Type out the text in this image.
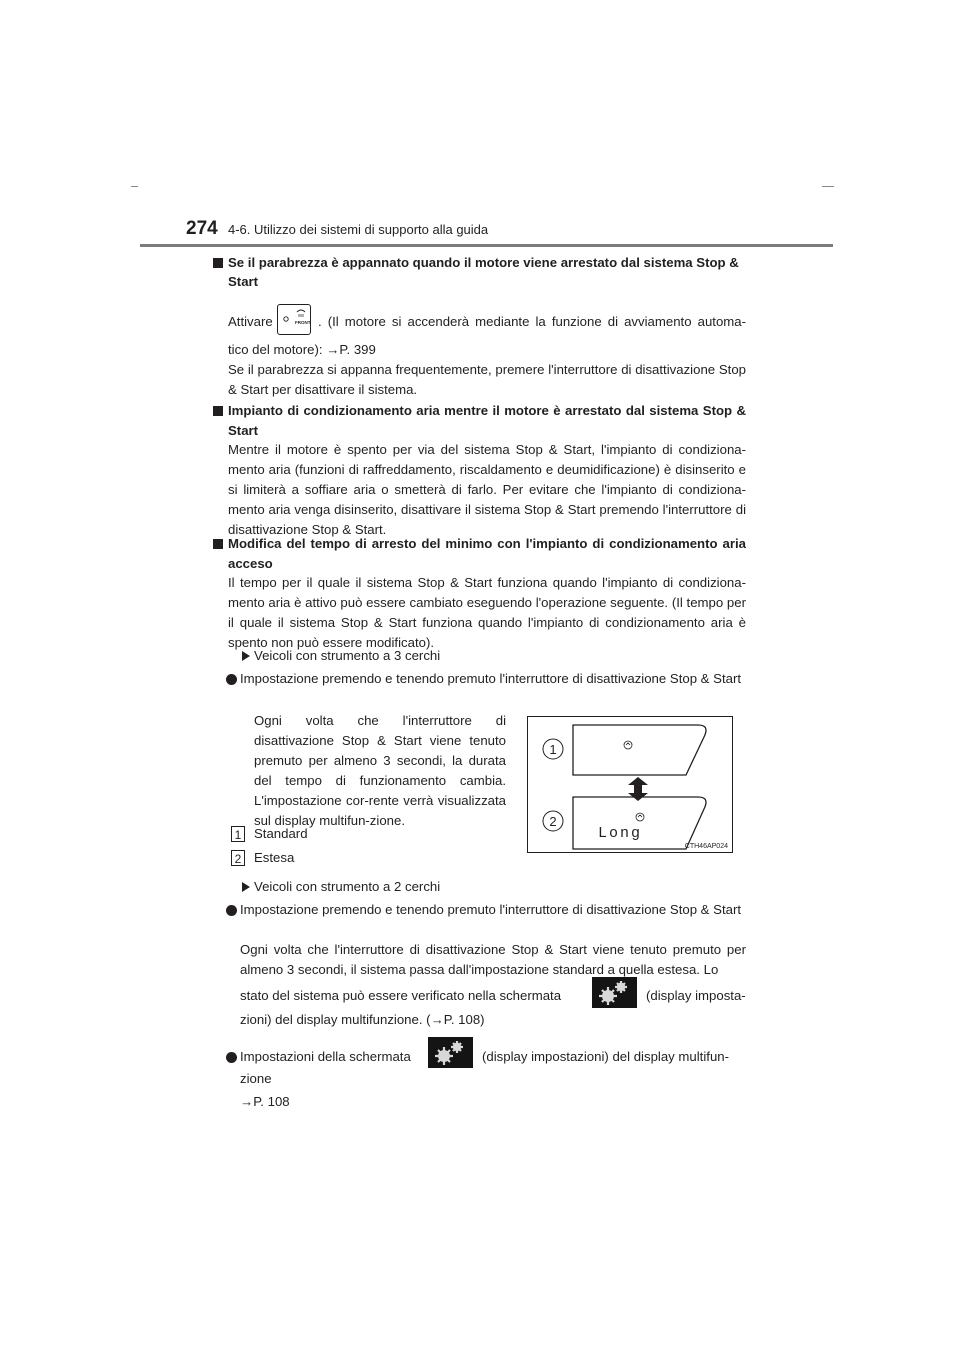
274 4-6. Utilizzo dei sistemi di supporto alla guida
Se il parabrezza è appannato quando il motore viene arrestato dal sistema Stop &
Start
Attivare	FRONT . (Il motore si accenderà mediante la funzione di avviamento automa-
tico del motore): →P. 399
Se il parabrezza si appanna frequentemente, premere l'interruttore di disattivazione Stop & Start per disattivare il sistema.
Impianto di condizionamento aria mentre il motore è arrestato dal sistema Stop & Start
Mentre il motore è spento per via del sistema Stop & Start, l'impianto di condiziona-mento aria (funzioni di raffreddamento, riscaldamento e deumidificazione) è disinserito e si limiterà a soffiare aria o smetterà di farlo. Per evitare che l'impianto di condiziona-mento aria venga disinserito, disattivare il sistema Stop & Start premendo l'interruttore di disattivazione Stop & Start.
Modifica del tempo di arresto del minimo con l'impianto di condizionamento aria acceso
Il tempo per il quale il sistema Stop & Start funziona quando l'impianto di condiziona-mento aria è attivo può essere cambiato eseguendo l'operazione seguente. (Il tempo per il quale il sistema Stop & Start funziona quando l'impianto di condizionamento aria è spento non può essere modificato).
Veicoli con strumento a 3 cerchi
Impostazione premendo e tenendo premuto l'interruttore di disattivazione Stop & Start
Ogni volta che l'interruttore di disattivazione Stop & Start viene tenuto premuto per almeno 3 secondi, la durata del tempo di funzionamento cambia. L'impostazione cor-rente verrà visualizzata sul display multifun-zione.
1 Standard
2 Estesa
1
2
Long
CTH46AP024
Veicoli con strumento a 2 cerchi
Impostazione premendo e tenendo premuto l'interruttore di disattivazione Stop & Start
Ogni volta che l'interruttore di disattivazione Stop & Start viene tenuto premuto per almeno 3 secondi, il sistema passa dall'impostazione standard a quella estesa. Lo
stato del sistema può essere verificato nella schermata	(display imposta-
zioni) del display multifunzione. (→P. 108)
Impostazioni della schermata	(display impostazioni) del display multifun-
zione
→P. 108
